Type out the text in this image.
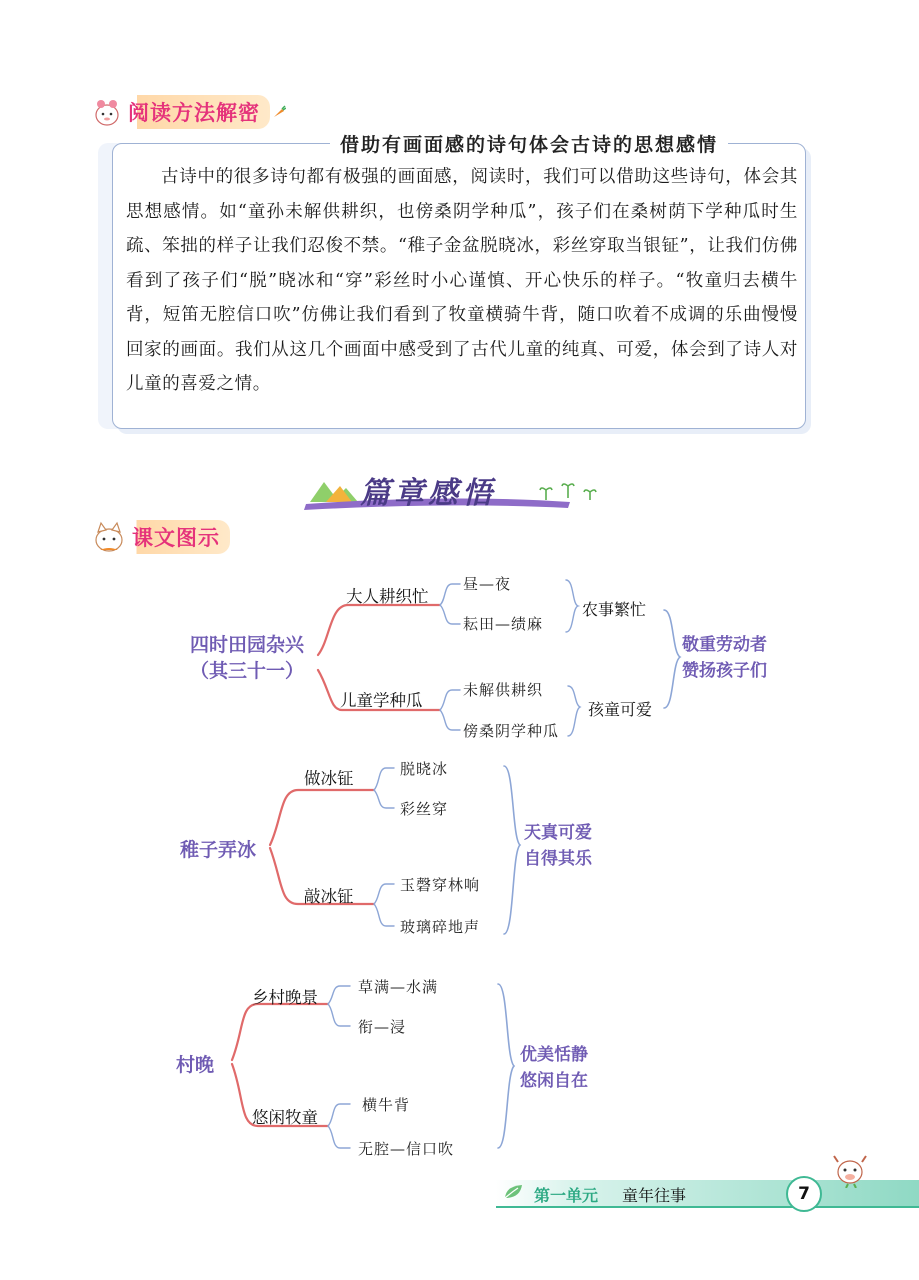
阅读方法解密
借助有画面感的诗句体会古诗的思想感情
古诗中的很多诗句都有极强的画面感，阅读时，我们可以借助这些诗句，体会其思想感情。如“童孙未解供耕织，也傍桑阴学种瓜”，孩子们在桑树荫下学种瓜时生疏、笨拙的样子让我们忍俊不禁。“稚子金盆脱晓冰，彩丝穿取当银钲”，让我们仿佛看到了孩子们“脱”晓冰和“穿”彩丝时小心谨慎、开心快乐的样子。“牧童归去横牛背，短笛无腔信口吹”仿佛让我们看到了牧童横骑牛背，随口吹着不成调的乐曲慢慢回家的画面。我们从这几个画面中感受到了古代儿童的纯真、可爱，体会到了诗人对儿童的喜爱之情。
篇章感悟
课文图示
四时田园杂兴
（其三十一）
大人耕织忙
儿童学种瓜
昼—夜
耘田—绩麻
未解供耕织
傍桑阴学种瓜
农事繁忙
孩童可爱
敬重劳动者
赞扬孩子们
稚子弄冰
做冰钲
敲冰钲
脱晓冰
彩丝穿
玉磬穿林响
玻璃碎地声
天真可爱
自得其乐
村晚
乡村晚景
悠闲牧童
草满—水满
衔—浸
横牛背
无腔—信口吹
优美恬静
悠闲自在
第一单元 童年往事	7
